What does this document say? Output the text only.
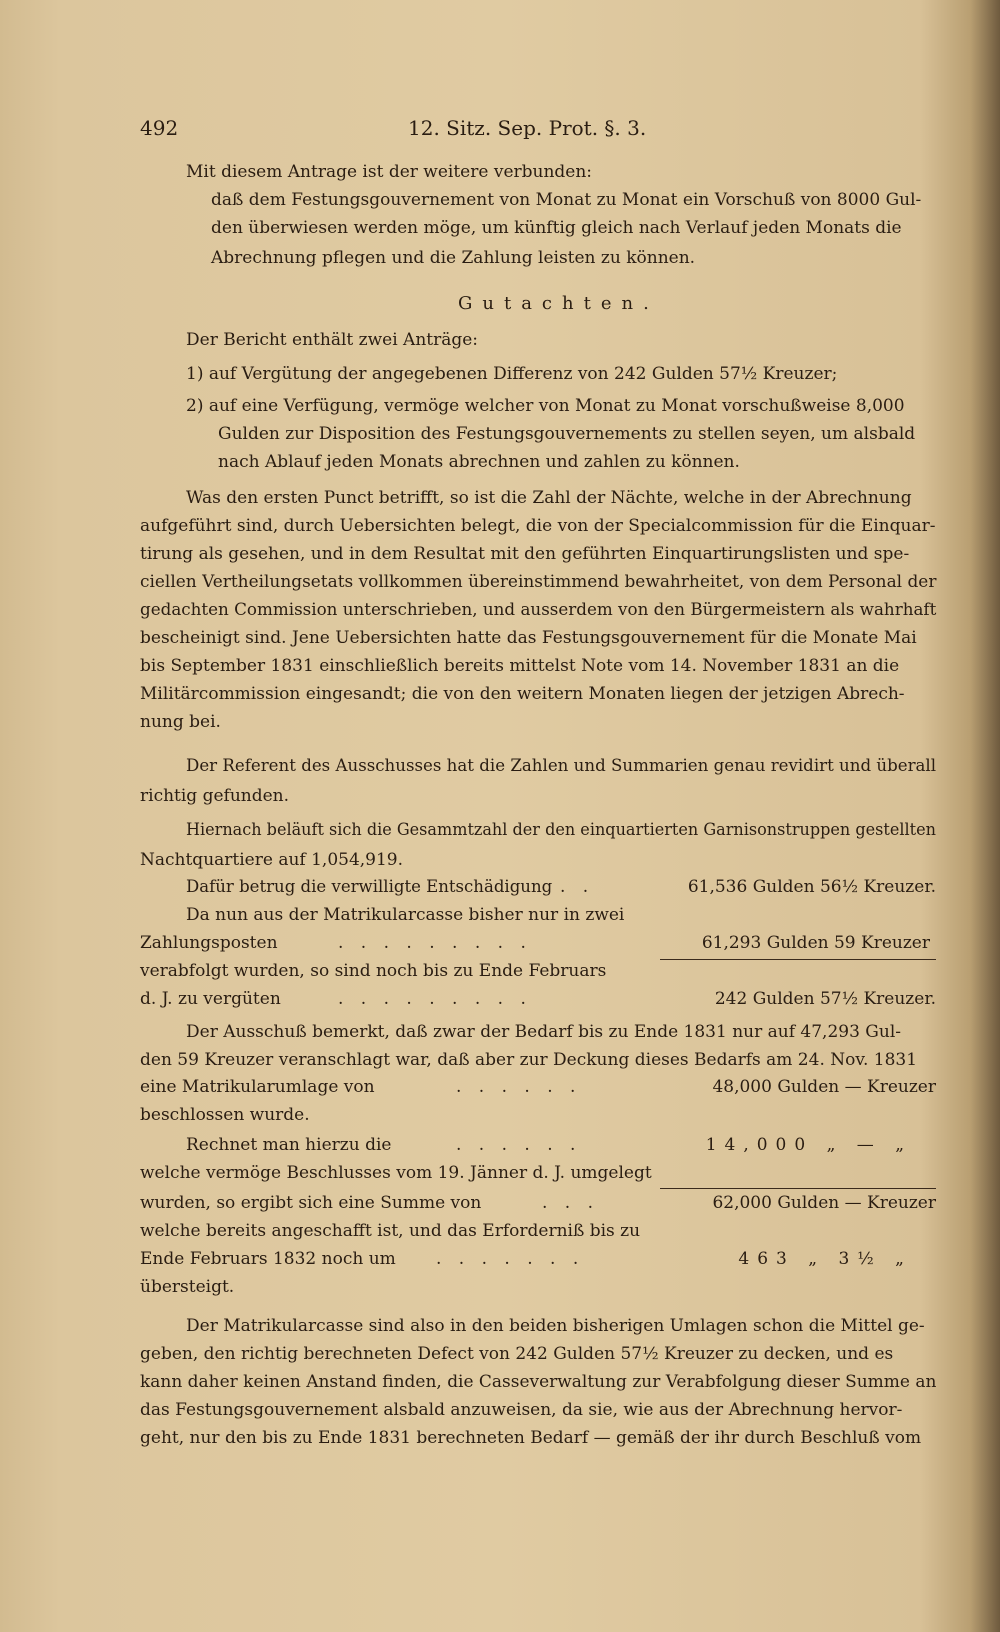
492	12. Sitz. Sep. Prot. §. 3.
Mit diesem Antrage ist der weitere verbunden:
daß dem Festungsgouvernement von Monat zu Monat ein Vorschuß von 8000 Gul-
den überwiesen werden möge, um künftig gleich nach Verlauf jeden Monats die
Abrechnung pflegen und die Zahlung leisten zu können.
Gutachten.
Der Bericht enthält zwei Anträge:
1) auf Vergütung der angegebenen Differenz von 242 Gulden 57½ Kreuzer;
2) auf eine Verfügung, vermöge welcher von Monat zu Monat vorschußweise 8,000
Gulden zur Disposition des Festungsgouvernements zu stellen seyen, um alsbald
nach Ablauf jeden Monats abrechnen und zahlen zu können.
Was den ersten Punct betrifft, so ist die Zahl der Nächte, welche in der Abrechnung
aufgeführt sind, durch Uebersichten belegt, die von der Specialcommission für die Einquar-
tirung als gesehen, und in dem Resultat mit den geführten Einquartirungslisten und spe-
ciellen Vertheilungsetats vollkommen übereinstimmend bewahrheitet, von dem Personal der
gedachten Commission unterschrieben, und ausserdem von den Bürgermeistern als wahrhaft
bescheinigt sind. Jene Uebersichten hatte das Festungsgouvernement für die Monate Mai
bis September 1831 einschließlich bereits mittelst Note vom 14. November 1831 an die
Militärcommission eingesandt; die von den weitern Monaten liegen der jetzigen Abrech-
nung bei.
Der Referent des Ausschusses hat die Zahlen und Summarien genau revidirt und überall
richtig gefunden.
Hiernach beläuft sich die Gesammtzahl der den einquartierten Garnisonstruppen gestellten
Nachtquartiere auf 1,054,919.
Dafür betrug die verwilligte Entschädigung . .	61,536 Gulden 56½ Kreuzer.
Da nun aus der Matrikularcasse bisher nur in zwei
Zahlungsposten	. . . . . . . . .	61,293 Gulden 59 Kreuzer
verabfolgt wurden, so sind noch bis zu Ende Februars
d. J. zu vergüten	. . . . . . . . .	242 Gulden 57½ Kreuzer.
Der Ausschuß bemerkt, daß zwar der Bedarf bis zu Ende 1831 nur auf 47,293 Gul-
den 59 Kreuzer veranschlagt war, daß aber zur Deckung dieses Bedarfs am 24. Nov. 1831
eine Matrikularumlage von	. . . . . .	48,000 Gulden — Kreuzer
beschlossen wurde.
Rechnet man hierzu die	. . . . . .	14,000 „ — „
welche vermöge Beschlusses vom 19. Jänner d. J. umgelegt
wurden, so ergibt sich eine Summe von	. . .	62,000 Gulden — Kreuzer
welche bereits angeschafft ist, und das Erforderniß bis zu
Ende Februars 1832 noch um . . . . . . .	463 „ 3½ „
übersteigt.
Der Matrikularcasse sind also in den beiden bisherigen Umlagen schon die Mittel ge-
geben, den richtig berechneten Defect von 242 Gulden 57½ Kreuzer zu decken, und es
kann daher keinen Anstand finden, die Casseverwaltung zur Verabfolgung dieser Summe an
das Festungsgouvernement alsbald anzuweisen, da sie, wie aus der Abrechnung hervor-
geht, nur den bis zu Ende 1831 berechneten Bedarf — gemäß der ihr durch Beschluß vom
